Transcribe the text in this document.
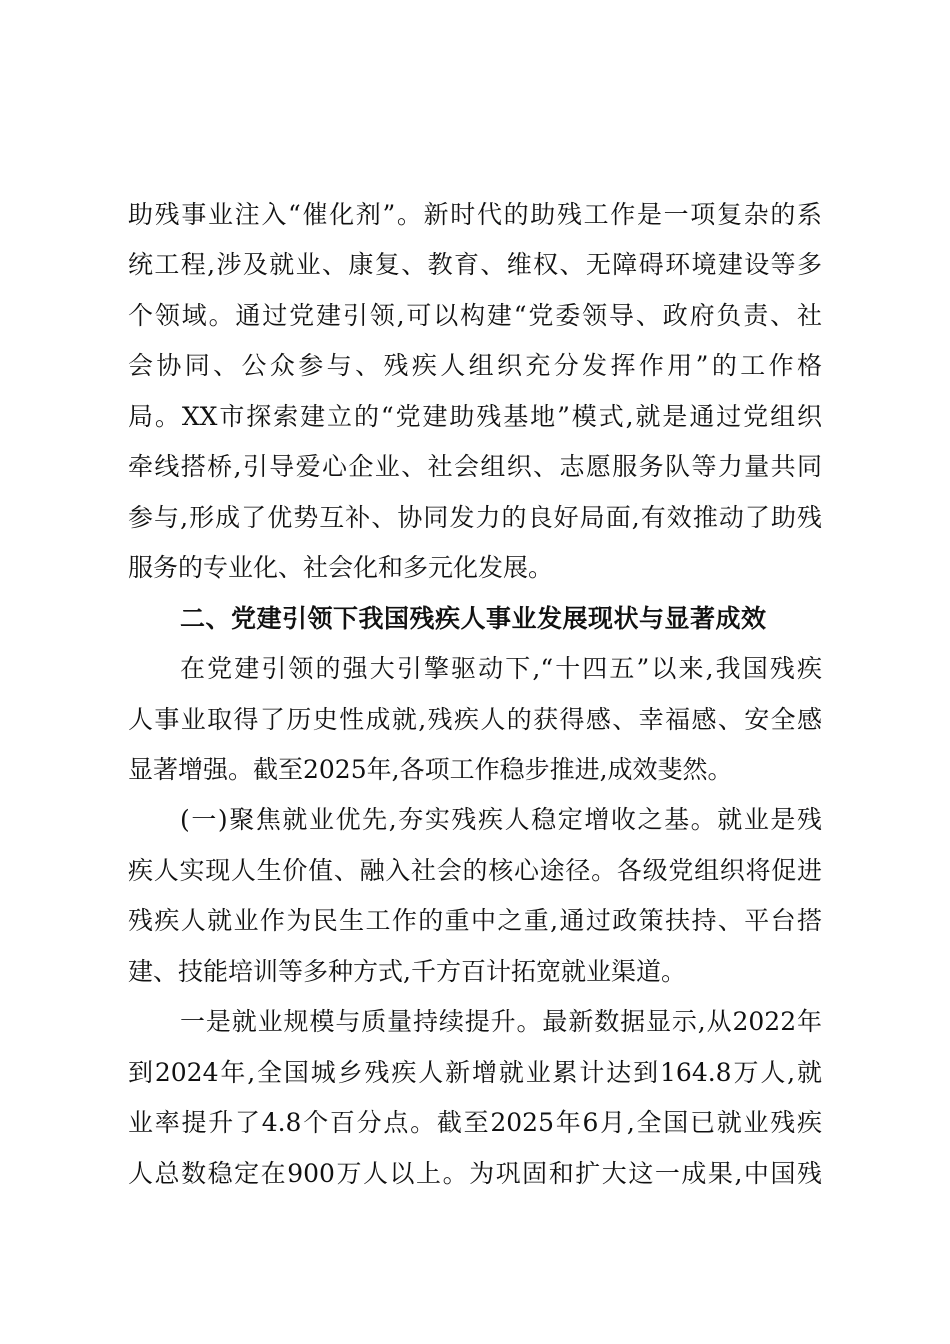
助残事业注入“催化剂”。新时代的助残工作是一项复杂的系
统工程,涉及就业、康复、教育、维权、无障碍环境建设等多
个领域。通过党建引领,可以构建“党委领导、政府负责、社
会协同、公众参与、残疾人组织充分发挥作用”的工作格
局。XX市探索建立的“党建助残基地”模式,就是通过党组织
牵线搭桥,引导爱心企业、社会组织、志愿服务队等力量共同
参与,形成了优势互补、协同发力的良好局面,有效推动了助残
服务的专业化、社会化和多元化发展。
二、党建引领下我国残疾人事业发展现状与显著成效
在党建引领的强大引擎驱动下,“十四五”以来,我国残疾
人事业取得了历史性成就,残疾人的获得感、幸福感、安全感
显著增强。截至2025年,各项工作稳步推进,成效斐然。
(一)聚焦就业优先,夯实残疾人稳定增收之基。就业是残
疾人实现人生价值、融入社会的核心途径。各级党组织将促进
残疾人就业作为民生工作的重中之重,通过政策扶持、平台搭
建、技能培训等多种方式,千方百计拓宽就业渠道。
一是就业规模与质量持续提升。最新数据显示,从2022年
到2024年,全国城乡残疾人新增就业累计达到164.8万人,就
业率提升了4.8个百分点。截至2025年6月,全国已就业残疾
人总数稳定在900万人以上。为巩固和扩大这一成果,中国残
